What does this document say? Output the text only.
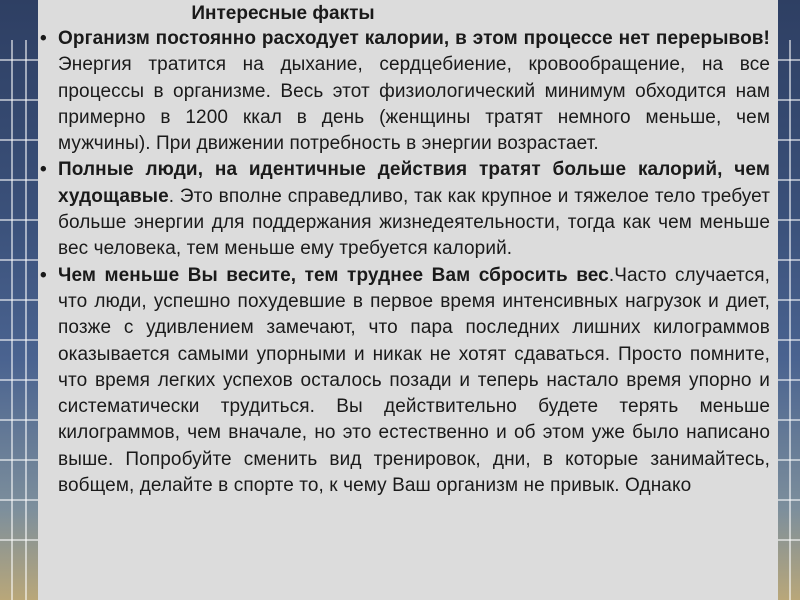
Интересные факты

• Организм постоянно расходует калории, в этом процессе нет перерывов! Энергия тратится на дыхание, сердцебиение, кровообращение, на все процессы в организме. Весь этот физиологический минимум обходится нам примерно в 1200 ккал в день (женщины тратят немного меньше, чем мужчины). При движении потребность в энергии возрастает.

• Полные люди, на идентичные действия тратят больше калорий, чем худощавые. Это вполне справедливо, так как крупное и тяжелое тело требует больше энергии для поддержания жизнедеятельности, тогда как чем меньше вес человека, тем меньше ему требуется калорий.

• Чем меньше Вы весите, тем труднее Вам сбросить вес.Часто случается, что люди, успешно похудевшие в первое время интенсивных нагрузок и диет, позже с удивлением замечают, что пара последних лишних килограммов оказывается самыми упорными и никак не хотят сдаваться. Просто помните, что время легких успехов осталось позади и теперь настало время упорно и систематически трудиться. Вы действительно будете терять меньше килограммов, чем вначале, но это естественно и об этом уже было написано выше. Попробуйте сменить вид тренировок, дни, в которые занимайтесь, вобщем, делайте в спорте то, к чему Ваш организм не привык. Однако
